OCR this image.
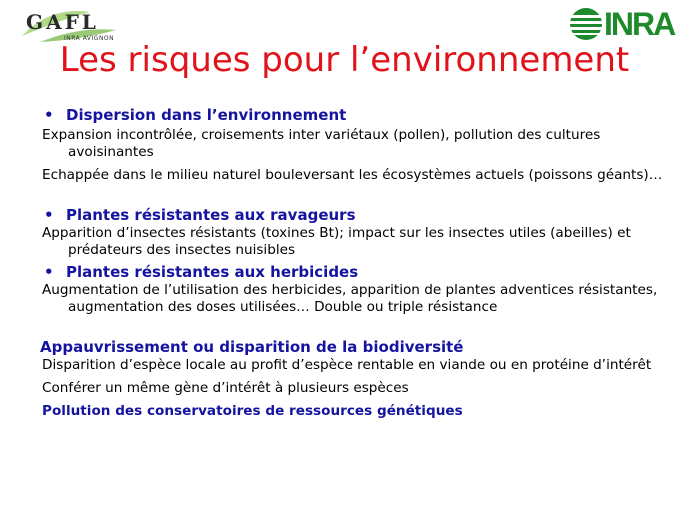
GAFL
INRA AVIGNON	INRA
Les risques pour l’environnement
• Dispersion dans l’environnement
Expansion incontrôlée, croisements inter variétaux (pollen), pollution des cultures avoisinantes
Echappée dans le milieu naturel bouleversant les écosystèmes actuels (poissons géants)…
• Plantes résistantes aux ravageurs
Apparition d’insectes résistants (toxines Bt); impact sur les insectes utiles (abeilles) et prédateurs des insectes nuisibles
• Plantes résistantes aux herbicides
Augmentation de l’utilisation des herbicides, apparition de plantes adventices résistantes, augmentation des doses utilisées… Double ou triple résistance
Appauvrissement ou disparition de la biodiversité
Disparition d’espèce locale au profit d’espèce rentable en viande ou en protéine d’intérêt
Conférer un même gène d’intérêt à plusieurs espèces
Pollution des conservatoires de ressources génétiques
